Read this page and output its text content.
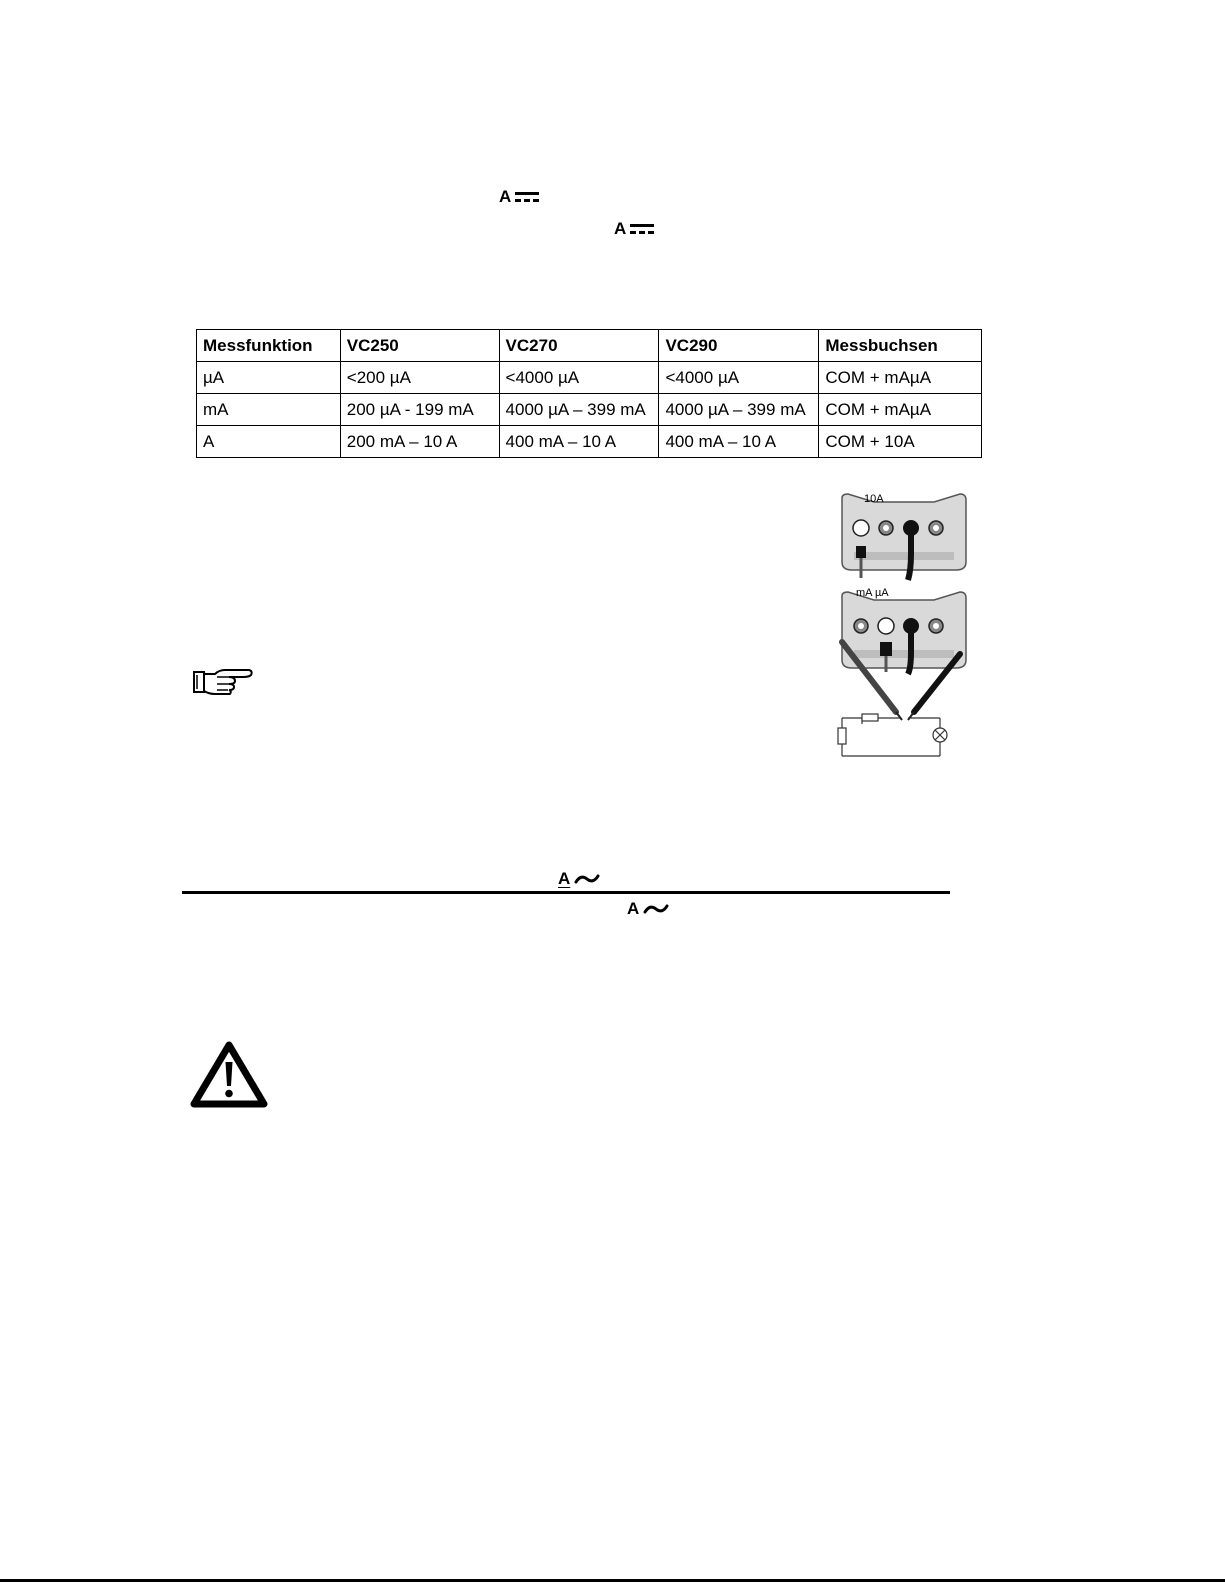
A
A
Messfunktion	VC250	VC270	VC290	Messbuchsen
µA	<200 µA	<4000 µA	<4000 µA	COM + mAµA
mA	200 µA - 199 mA	4000 µA – 399 mA	4000 µA – 399 mA	COM + mAµA
A	200 mA – 10 A	400 mA – 10 A	400 mA – 10 A	COM + 10A
10A
mA µA
A
A
